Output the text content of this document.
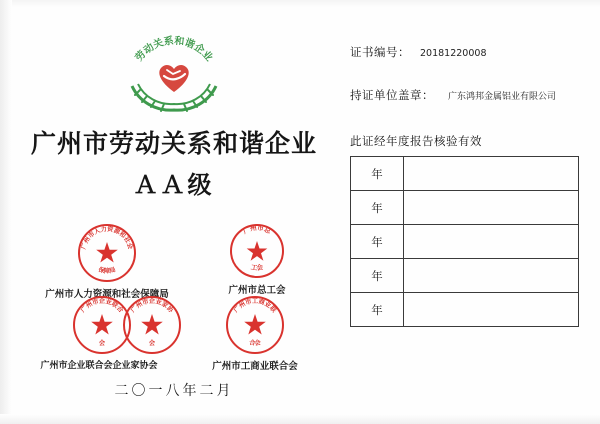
劳动关系和谐企业
广州市劳动关系和谐企业
ＡＡ级
广州市人力资源和社会
保障局
广州市人力资源和社会保障局
广州市总
工会
广州市总工会
广州市企业联合
会
广州市企业家协
会
广州市企业联合会企业家协会
广州市工商业联
合会
广州市工商业联合会
二〇一八年二月
证书编号： 20181220008
持证单位盖章： 广东鸿邦金属铝业有限公司
此证经年度报告核验有效
年	
年	
年	
年	
年	
